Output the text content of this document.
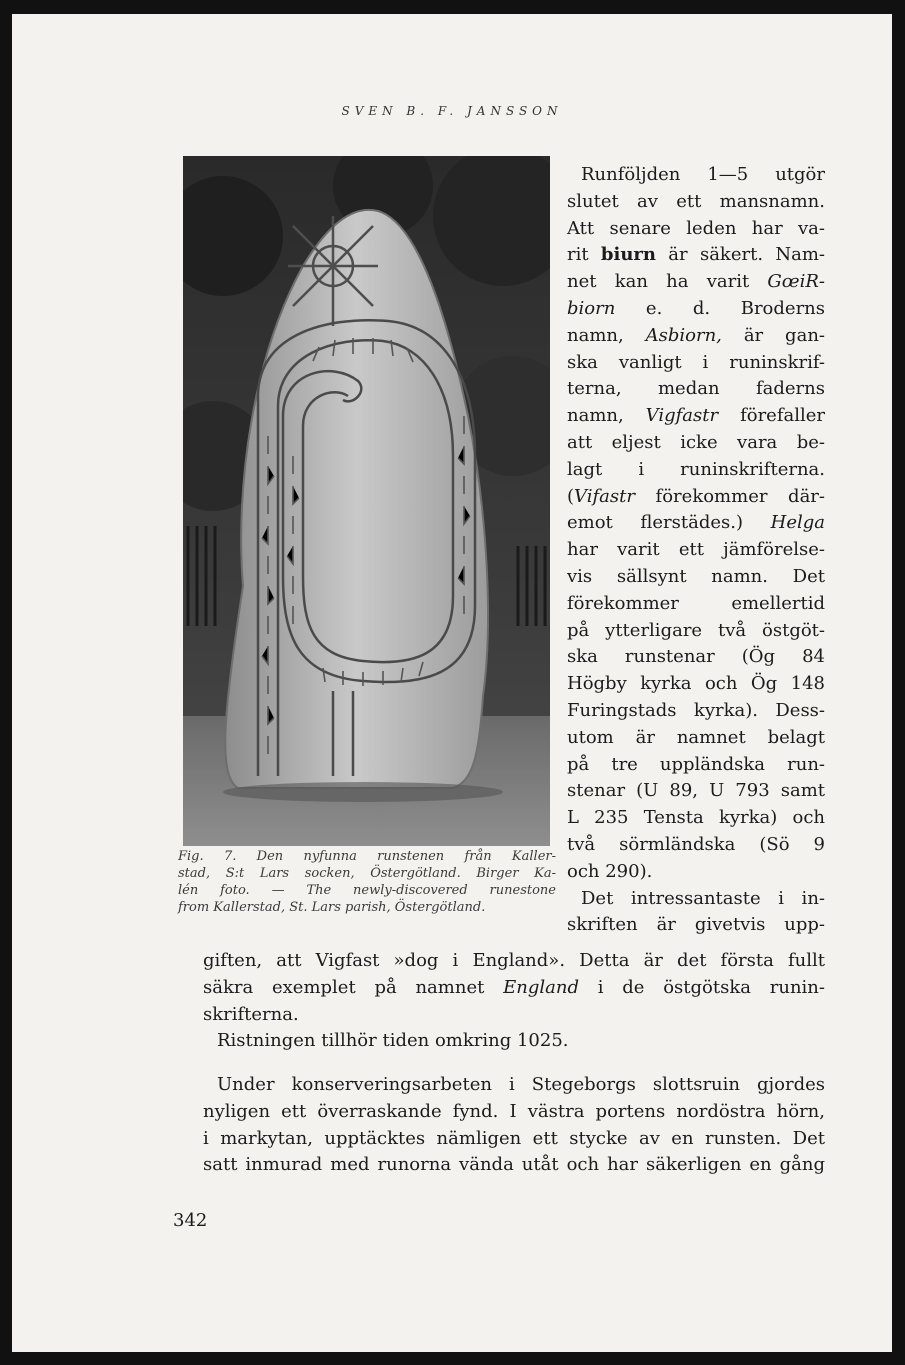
SVEN B. F. JANSSON
Fig. 7. Den nyfunna runstenen från Kaller-
stad, S:t Lars socken, Östergötland. Birger Ka-
lén foto. — The newly-discovered runestone
from Kallerstad, St. Lars parish, Östergötland.
Runföljden 1—5 utgör
slutet av ett mansnamn.
Att senare leden har va-
rit biurn är säkert. Nam-
net kan ha varit GœiR-
biorn e. d. Broderns
namn, Asbiorn, är gan-
ska vanligt i runinskrif-
terna, medan faderns
namn, Vigfastr förefaller
att eljest icke vara be-
lagt i runinskrifterna.
(Vifastr förekommer där-
emot flerstädes.) Helga
har varit ett jämförelse-
vis sällsynt namn. Det
förekommer emellertid
på ytterligare två östgöt-
ska runstenar (Ög 84
Högby kyrka och Ög 148
Furingstads kyrka). Dess-
utom är namnet belagt
på tre uppländska run-
stenar (U 89, U 793 samt
L 235 Tensta kyrka) och
två sörmländska (Sö 9
och 290).
Det intressantaste i in-
skriften är givetvis upp-
giften, att Vigfast »dog i England». Detta är det första fullt
säkra exemplet på namnet England i de östgötska runin-
skrifterna.
Ristningen tillhör tiden omkring 1025.
Under konserveringsarbeten i Stegeborgs slottsruin gjordes
nyligen ett överraskande fynd. I västra portens nordöstra hörn,
i markytan, upptäcktes nämligen ett stycke av en runsten. Det
satt inmurad med runorna vända utåt och har säkerligen en gång
342
